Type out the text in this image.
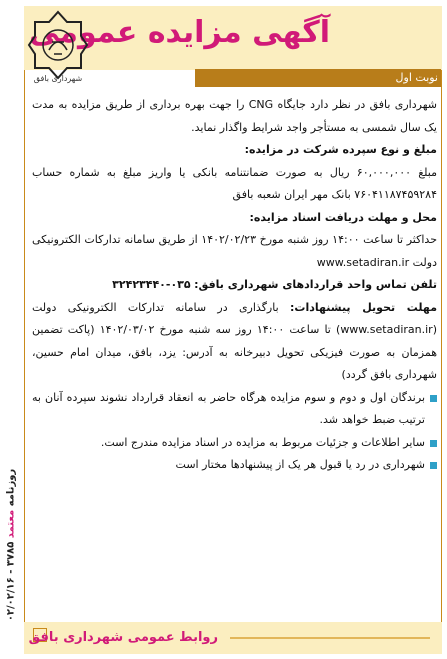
آگهی مزایده عمومی
شهرداری بافق	نوبت اول

شهرداری بافق در نظر دارد جایگاه CNG را جهت بهره برداری از طریق مزایده به مدت یک سال شمسی به مستأجر واجد شرایط واگذار نماید.

مبلغ و نوع سپرده شرکت در مزایده:
مبلغ ۶۰,۰۰۰,۰۰۰ ریال به صورت ضمانتنامه بانکی یا واریز مبلغ به شماره حساب ۷۶۰۴۱۱۸۷۴۵۹۲۸۴ بانک مهر ایران شعبه بافق

محل و مهلت دریافت اسناد مزایده:
حداکثر تا ساعت ۱۴:۰۰ روز شنبه مورخ ۱۴۰۲/۰۲/۲۳ از طریق سامانه تدارکات الکترونیکی دولت www.setadiran.ir

تلفن تماس واحد قراردادهای شهرداری بافق: ۰۳۵-۳۲۴۲۳۴۴۰

مهلت تحویل پیشنهادات: بارگذاری در سامانه تدارکات الکترونیکی دولت (www.setadiran.ir) تا ساعت ۱۴:۰۰ روز سه شنبه مورخ ۱۴۰۲/۰۳/۰۲ (پاکت تضمین همزمان به صورت فیزیکی تحویل دبیرخانه به آدرس: یزد، بافق، میدان امام حسین، شهرداری بافق گردد)

برندگان اول و دوم و سوم مزایده هرگاه حاضر به انعقاد قرارداد نشوند سپرده آنان به ترتیب ضبط خواهد شد.
سایر اطلاعات و جزئیات مربوط به مزایده در اسناد مزایده مندرج است.
شهرداری در رد یا قبول هر یک از پیشنهادها مختار است

روزنامه معتمد ۳۷۸۵ - ۰۲/۰۲/۱۶
روابط عمومی شهرداری بافق
